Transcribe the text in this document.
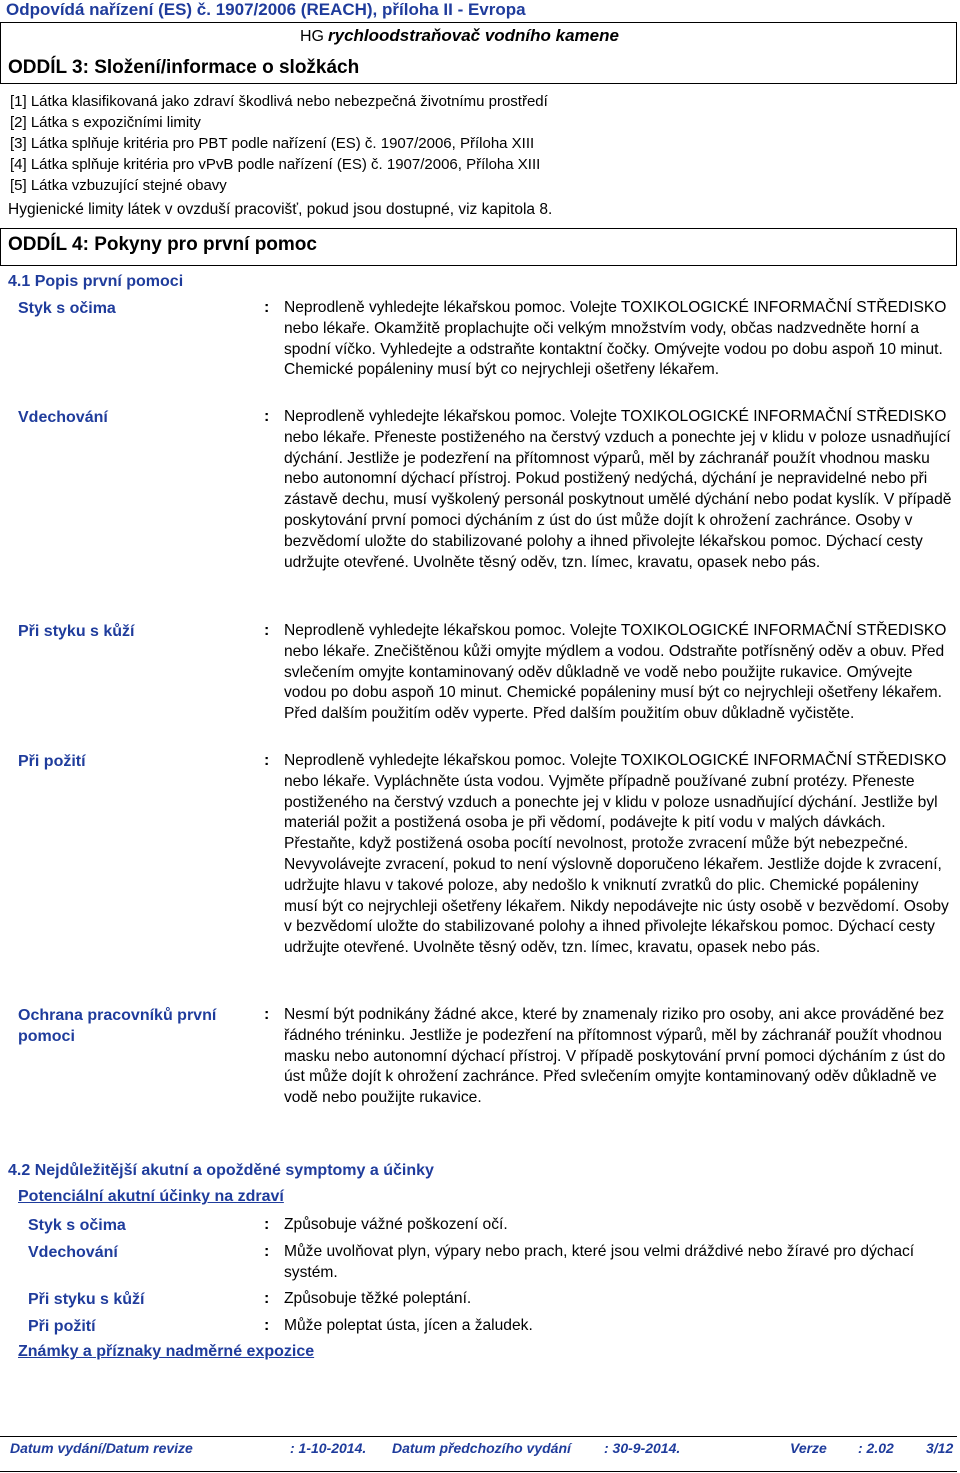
Odpovídá nařízení (ES) č. 1907/2006 (REACH), příloha II - Evropa
HG rychloodstraňovač vodního kamene
ODDÍL 3: Složení/informace o složkách
[1] Látka klasifikovaná jako zdraví škodlivá nebo nebezpečná životnímu prostředí
[2] Látka s expozičními limity
[3] Látka splňuje kritéria pro PBT podle nařízení (ES) č. 1907/2006, Příloha XIII
[4] Látka splňuje kritéria pro vPvB podle nařízení (ES) č. 1907/2006, Příloha XIII
[5] Látka vzbuzující stejné obavy
Hygienické limity látek v ovzduší pracovišť, pokud jsou dostupné, viz kapitola 8.
ODDÍL 4: Pokyny pro první pomoc
4.1 Popis první pomoci
Styk s očima	: Neprodleně vyhledejte lékařskou pomoc. Volejte TOXIKOLOGICKÉ INFORMAČNÍ STŘEDISKO nebo lékaře. Okamžitě proplachujte oči velkým množstvím vody, občas nadzvedněte horní a spodní víčko. Vyhledejte a odstraňte kontaktní čočky. Omývejte vodou po dobu aspoň 10 minut. Chemické popáleniny musí být co nejrychleji ošetřeny lékařem.
Vdechování	: Neprodleně vyhledejte lékařskou pomoc. Volejte TOXIKOLOGICKÉ INFORMAČNÍ STŘEDISKO nebo lékaře. Přeneste postiženého na čerstvý vzduch a ponechte jej v klidu v poloze usnadňující dýchání. Jestliže je podezření na přítomnost výparů, měl by záchranář použít vhodnou masku nebo autonomní dýchací přístroj. Pokud postižený nedýchá, dýchání je nepravidelné nebo při zástavě dechu, musí vyškolený personál poskytnout umělé dýchání nebo podat kyslík. V případě poskytování první pomoci dýcháním z úst do úst může dojít k ohrožení zachránce. Osoby v bezvědomí uložte do stabilizované polohy a ihned přivolejte lékařskou pomoc. Dýchací cesty udržujte otevřené. Uvolněte těsný oděv, tzn. límec, kravatu, opasek nebo pás.
Při styku s kůží	: Neprodleně vyhledejte lékařskou pomoc. Volejte TOXIKOLOGICKÉ INFORMAČNÍ STŘEDISKO nebo lékaře. Znečištěnou kůži omyjte mýdlem a vodou. Odstraňte potřísněný oděv a obuv. Před svlečením omyjte kontaminovaný oděv důkladně ve vodě nebo použijte rukavice. Omývejte vodou po dobu aspoň 10 minut. Chemické popáleniny musí být co nejrychleji ošetřeny lékařem. Před dalším použitím oděv vyperte. Před dalším použitím obuv důkladně vyčistěte.
Při požití	: Neprodleně vyhledejte lékařskou pomoc. Volejte TOXIKOLOGICKÉ INFORMAČNÍ STŘEDISKO nebo lékaře. Vypláchněte ústa vodou. Vyjměte případně používané zubní protézy. Přeneste postiženého na čerstvý vzduch a ponechte jej v klidu v poloze usnadňující dýchání. Jestliže byl materiál požit a postižená osoba je při vědomí, podávejte k pití vodu v malých dávkách. Přestaňte, když postižená osoba pocítí nevolnost, protože zvracení může být nebezpečné. Nevyvolávejte zvracení, pokud to není výslovně doporučeno lékařem. Jestliže dojde k zvracení, udržujte hlavu v takové poloze, aby nedošlo k vniknutí zvratků do plic. Chemické popáleniny musí být co nejrychleji ošetřeny lékařem. Nikdy nepodávejte nic ústy osobě v bezvědomí. Osoby v bezvědomí uložte do stabilizované polohy a ihned přivolejte lékařskou pomoc. Dýchací cesty udržujte otevřené. Uvolněte těsný oděv, tzn. límec, kravatu, opasek nebo pás.
Ochrana pracovníků první pomoci
: Nesmí být podnikány žádné akce, které by znamenaly riziko pro osoby, ani akce prováděné bez řádného tréninku. Jestliže je podezření na přítomnost výparů, měl by záchranář použít vhodnou masku nebo autonomní dýchací přístroj. V případě poskytování první pomoci dýcháním z úst do úst může dojít k ohrožení zachránce. Před svlečením omyjte kontaminovaný oděv důkladně ve vodě nebo použijte rukavice.
4.2 Nejdůležitější akutní a opožděné symptomy a účinky
Potenciální akutní účinky na zdraví
Styk s očima	: Způsobuje vážné poškození očí.
Vdechování	: Může uvolňovat plyn, výpary nebo prach, které jsou velmi dráždivé nebo žíravé pro dýchací systém.
Při styku s kůží	: Způsobuje těžké poleptání.
Při požití	: Může poleptat ústa, jícen a žaludek.
Známky a příznaky nadměrné expozice
Datum vydání/Datum revize	: 1-10-2014. Datum předchozího vydání : 30-9-2014.	Verze : 2.02 3/12
